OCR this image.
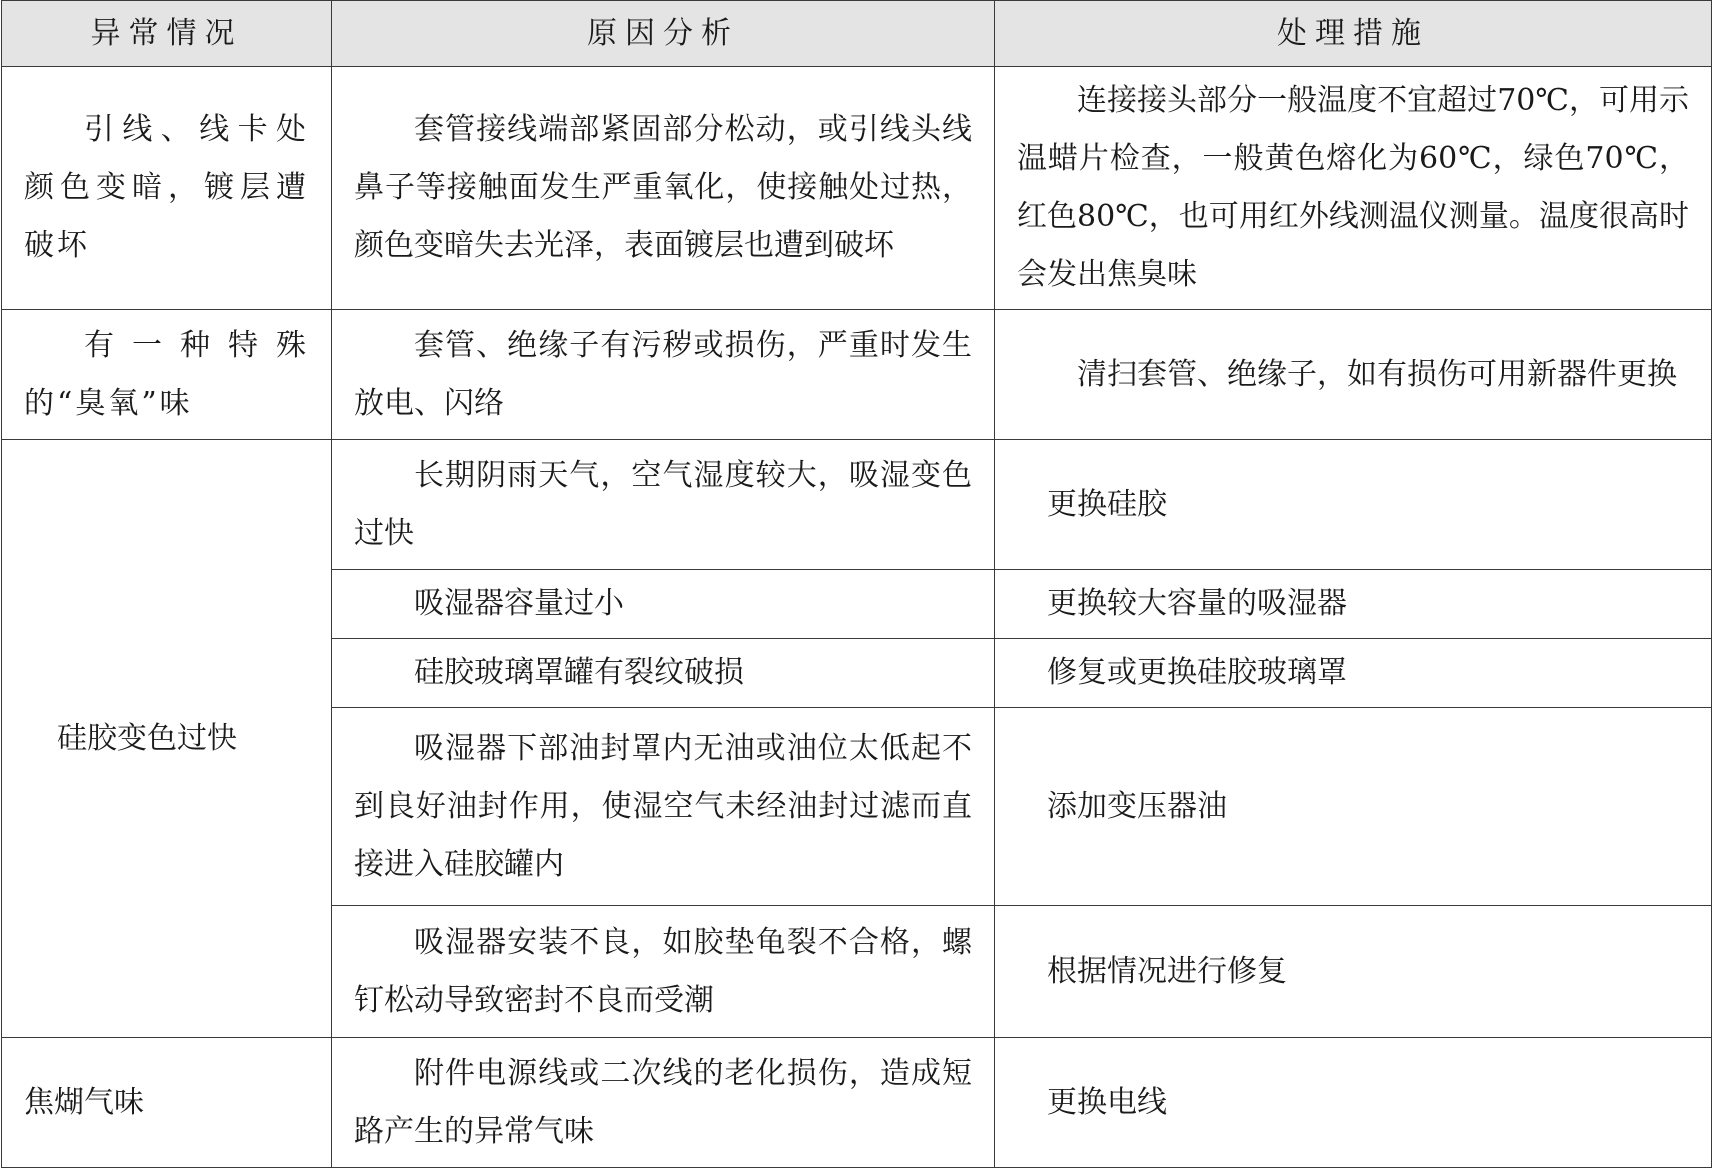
异常情况	原因分析	处理措施
引线、线卡处颜色变暗，镀层遭破坏	套管接线端部紧固部分松动，或引线头线鼻子等接触面发生严重氧化，使接触处过热，颜色变暗失去光泽，表面镀层也遭到破坏	连接接头部分一般温度不宜超过70℃，可用示温蜡片检查，一般黄色熔化为60℃，绿色70℃，红色80℃，也可用红外线测温仪测量。温度很高时会发出焦臭味
有一种特殊的“臭氧”味	套管、绝缘子有污秽或损伤，严重时发生放电、闪络	清扫套管、绝缘子，如有损伤可用新器件更换
硅胶变色过快	长期阴雨天气，空气湿度较大，吸湿变色过快	更换硅胶
	吸湿器容量过小	更换较大容量的吸湿器
	硅胶玻璃罩罐有裂纹破损	修复或更换硅胶玻璃罩
	吸湿器下部油封罩内无油或油位太低起不到良好油封作用，使湿空气未经油封过滤而直接进入硅胶罐内	添加变压器油
	吸湿器安装不良，如胶垫龟裂不合格，螺钉松动导致密封不良而受潮	根据情况进行修复
焦煳气味	附件电源线或二次线的老化损伤，造成短路产生的异常气味	更换电线
